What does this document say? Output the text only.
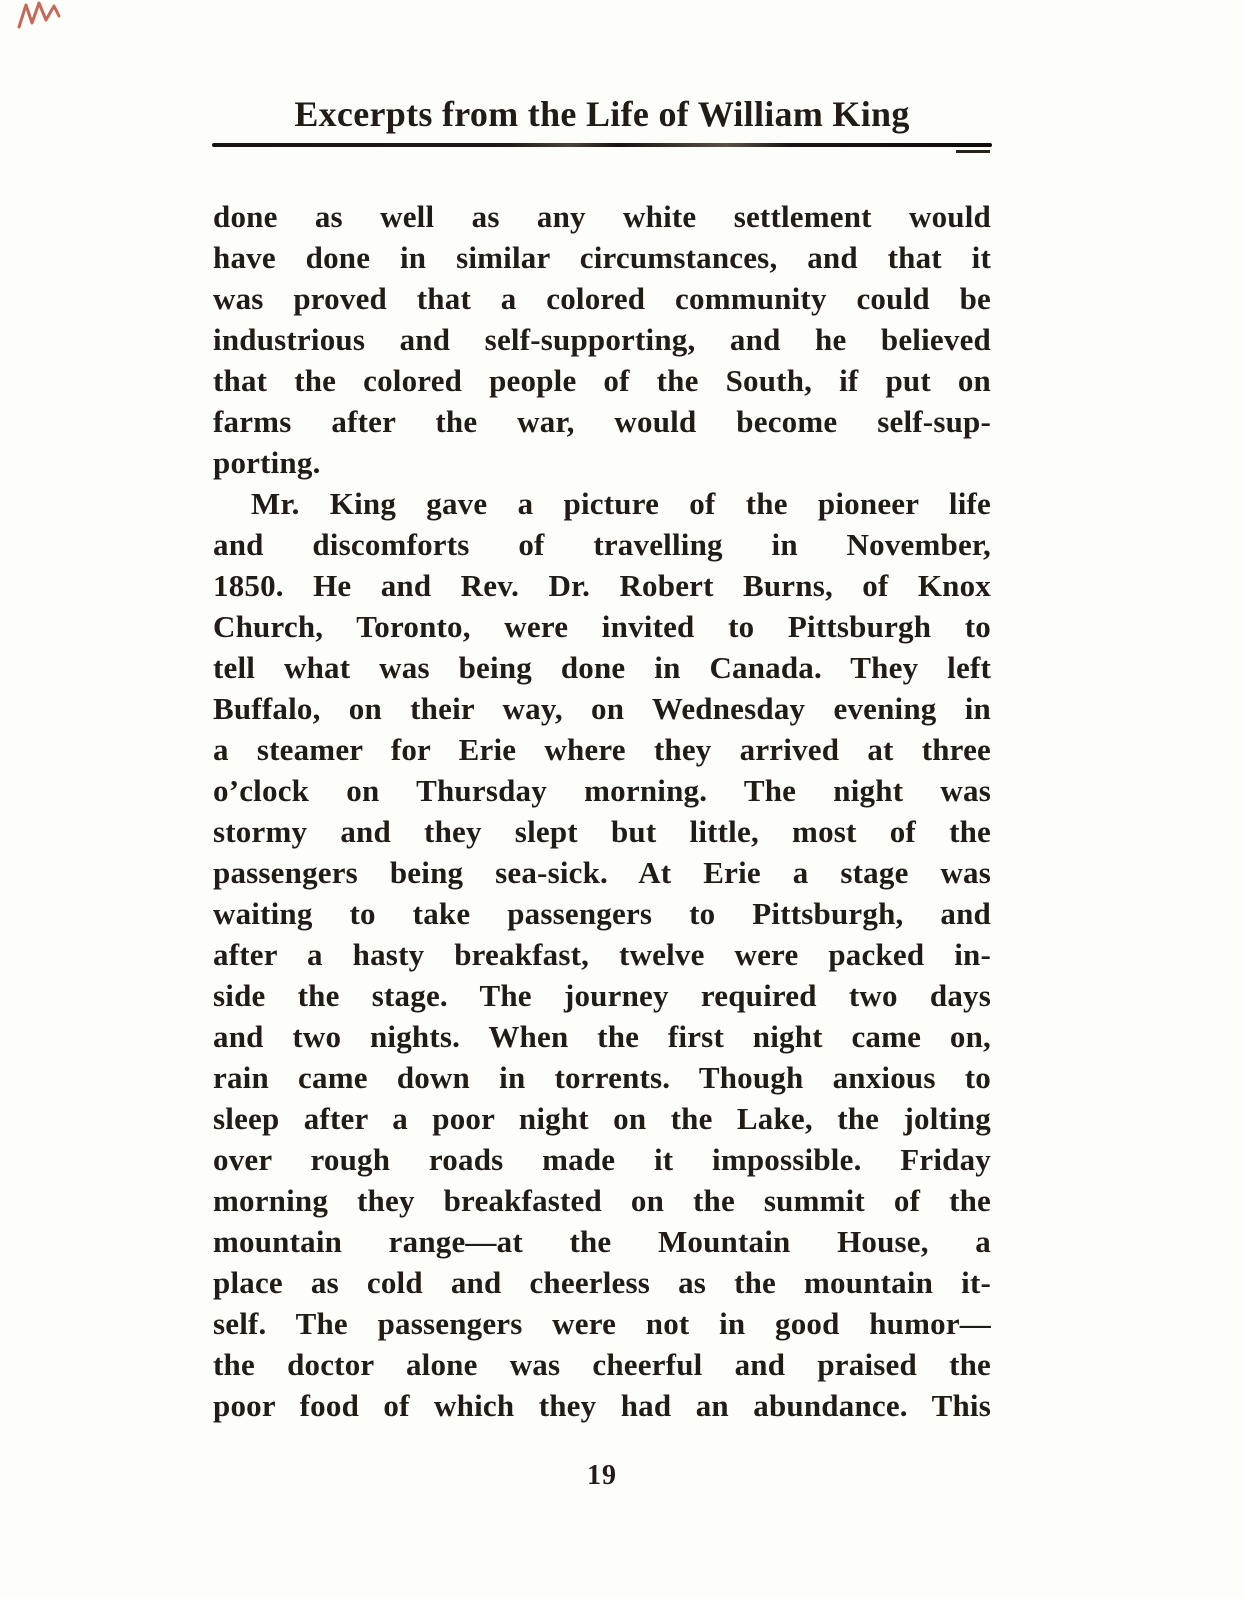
Excerpts from the Life of William King
done as well as any white settlement would
have done in similar circumstances, and that it
was proved that a colored community could be
industrious and self-supporting, and he believed
that the colored people of the South, if put on
farms after the war, would become self-sup-
porting.
Mr. King gave a picture of the pioneer life
and discomforts of travelling in November,
1850. He and Rev. Dr. Robert Burns, of Knox
Church, Toronto, were invited to Pittsburgh to
tell what was being done in Canada. They left
Buffalo, on their way, on Wednesday evening in
a steamer for Erie where they arrived at three
o’clock on Thursday morning. The night was
stormy and they slept but little, most of the
passengers being sea-sick. At Erie a stage was
waiting to take passengers to Pittsburgh, and
after a hasty breakfast, twelve were packed in-
side the stage. The journey required two days
and two nights. When the first night came on,
rain came down in torrents. Though anxious to
sleep after a poor night on the Lake, the jolting
over rough roads made it impossible. Friday
morning they breakfasted on the summit of the
mountain range—at the Mountain House, a
place as cold and cheerless as the mountain it-
self. The passengers were not in good humor—
the doctor alone was cheerful and praised the
poor food of which they had an abundance. This
19
